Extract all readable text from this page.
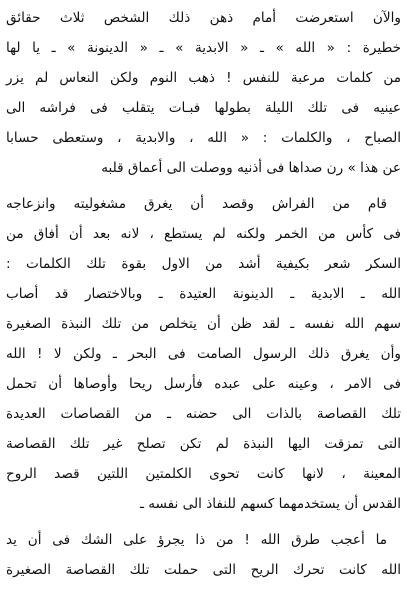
والآن استعرضت أمام ذهن ذلك الشخص ثلاث حقائق
خطيرة : « الله » ـ « الابدية » ـ « الدينونة » ـ يا لها
من كلمات مرعبة للنفس ! ذهب النوم ولكن النعاس لم يزر
عينيه فى تلك الليلة بطولها فبـات يتقلب فى فراشه الى
الصباح ، والكلمات : « الله ، والابدية ، وستعطى حسابا
عن هذا » رن صداها فى أذنيه ووصلت الى أعماق قلبه
قام من الفراش وقصد أن يغرق مشغوليته وانزعاجه
فى كأس من الخمر ولكنه لم يستطع ، لانه بعد أن أفاق من
السكر شعر بكيفية أشد من الاول بقوة تلك الكلمات :
الله ـ الابدية ـ الدينونة العتيدة ـ وبالاختصار قد أصاب
سهم الله نفسه ـ لقد ظن أن يتخلص من تلك النبذة الصغيرة
وأن يغرق ذلك الرسول الصامت فى البحر ـ ولكن لا ! الله
فى الامر ، وعينه على عبده فأرسل ريحا وأوصاها أن تحمل
تلك القصاصة بالذات الى حضنه ـ من القصاصات العديدة
التى تمزقت اليها النبذة لم تكن تصلح غير تلك القصاصة
المعينة ، لانها كانت تحوى الكلمتين اللتين قصد الروح
القدس أن يستخدمهما كسهم للنفاذ الى نفسه ـ
ما أعجب طرق الله ! من ذا يجرؤ على الشك فى أن يد
الله كانت تحرك الريح التى حملت تلك القصاصة الصغيرة
